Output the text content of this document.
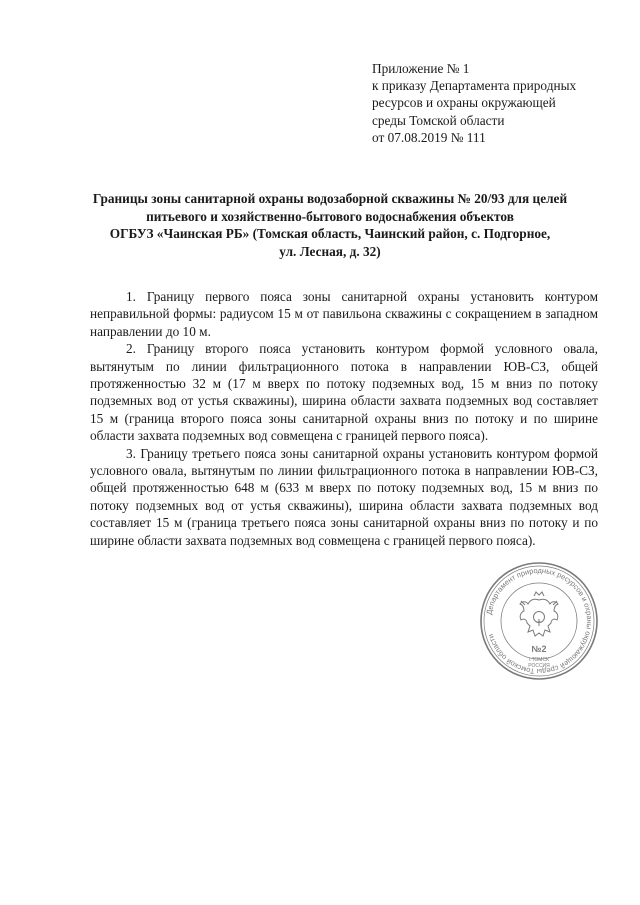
Приложение № 1
к приказу Департамента природных
ресурсов и охраны окружающей
среды Томской области
от 07.08.2019 № 111
Границы зоны санитарной охраны водозаборной скважины № 20/93 для целей
питьевого и хозяйственно-бытового водоснабжения объектов
ОГБУЗ «Чаинская РБ» (Томская область, Чаинский район, с. Подгорное,
ул. Лесная, д. 32)

1. Границу первого пояса зоны санитарной охраны установить контуром неправильной формы: радиусом 15 м от павильона скважины с сокращением в западном направлении до 10 м.

2. Границу второго пояса установить контуром формой условного овала, вытянутым по линии фильтрационного потока в направлении ЮВ-СЗ, общей протяженностью 32 м (17 м вверх по потоку подземных вод, 15 м вниз по потоку подземных вод от устья скважины), ширина области захвата подземных вод составляет 15 м (граница второго пояса зоны санитарной охраны вниз по потоку и по ширине области захвата подземных вод совмещена с границей первого пояса).

3. Границу третьего пояса зоны санитарной охраны установить контуром формой условного овала, вытянутым по линии фильтрационного потока в направлении ЮВ-СЗ, общей протяженностью 648 м (633 м вверх по потоку подземных вод, 15 м вниз по потоку подземных вод от устья скважины), ширина области захвата подземных вод составляет 15 м (граница третьего пояса зоны санитарной охраны вниз по потоку и по ширине области захвата подземных вод совмещена с границей первого пояса).

Департамент природных ресурсов и охраны окружающей среды Томской области
№2
г.ТОМСК
РОССИЯ
